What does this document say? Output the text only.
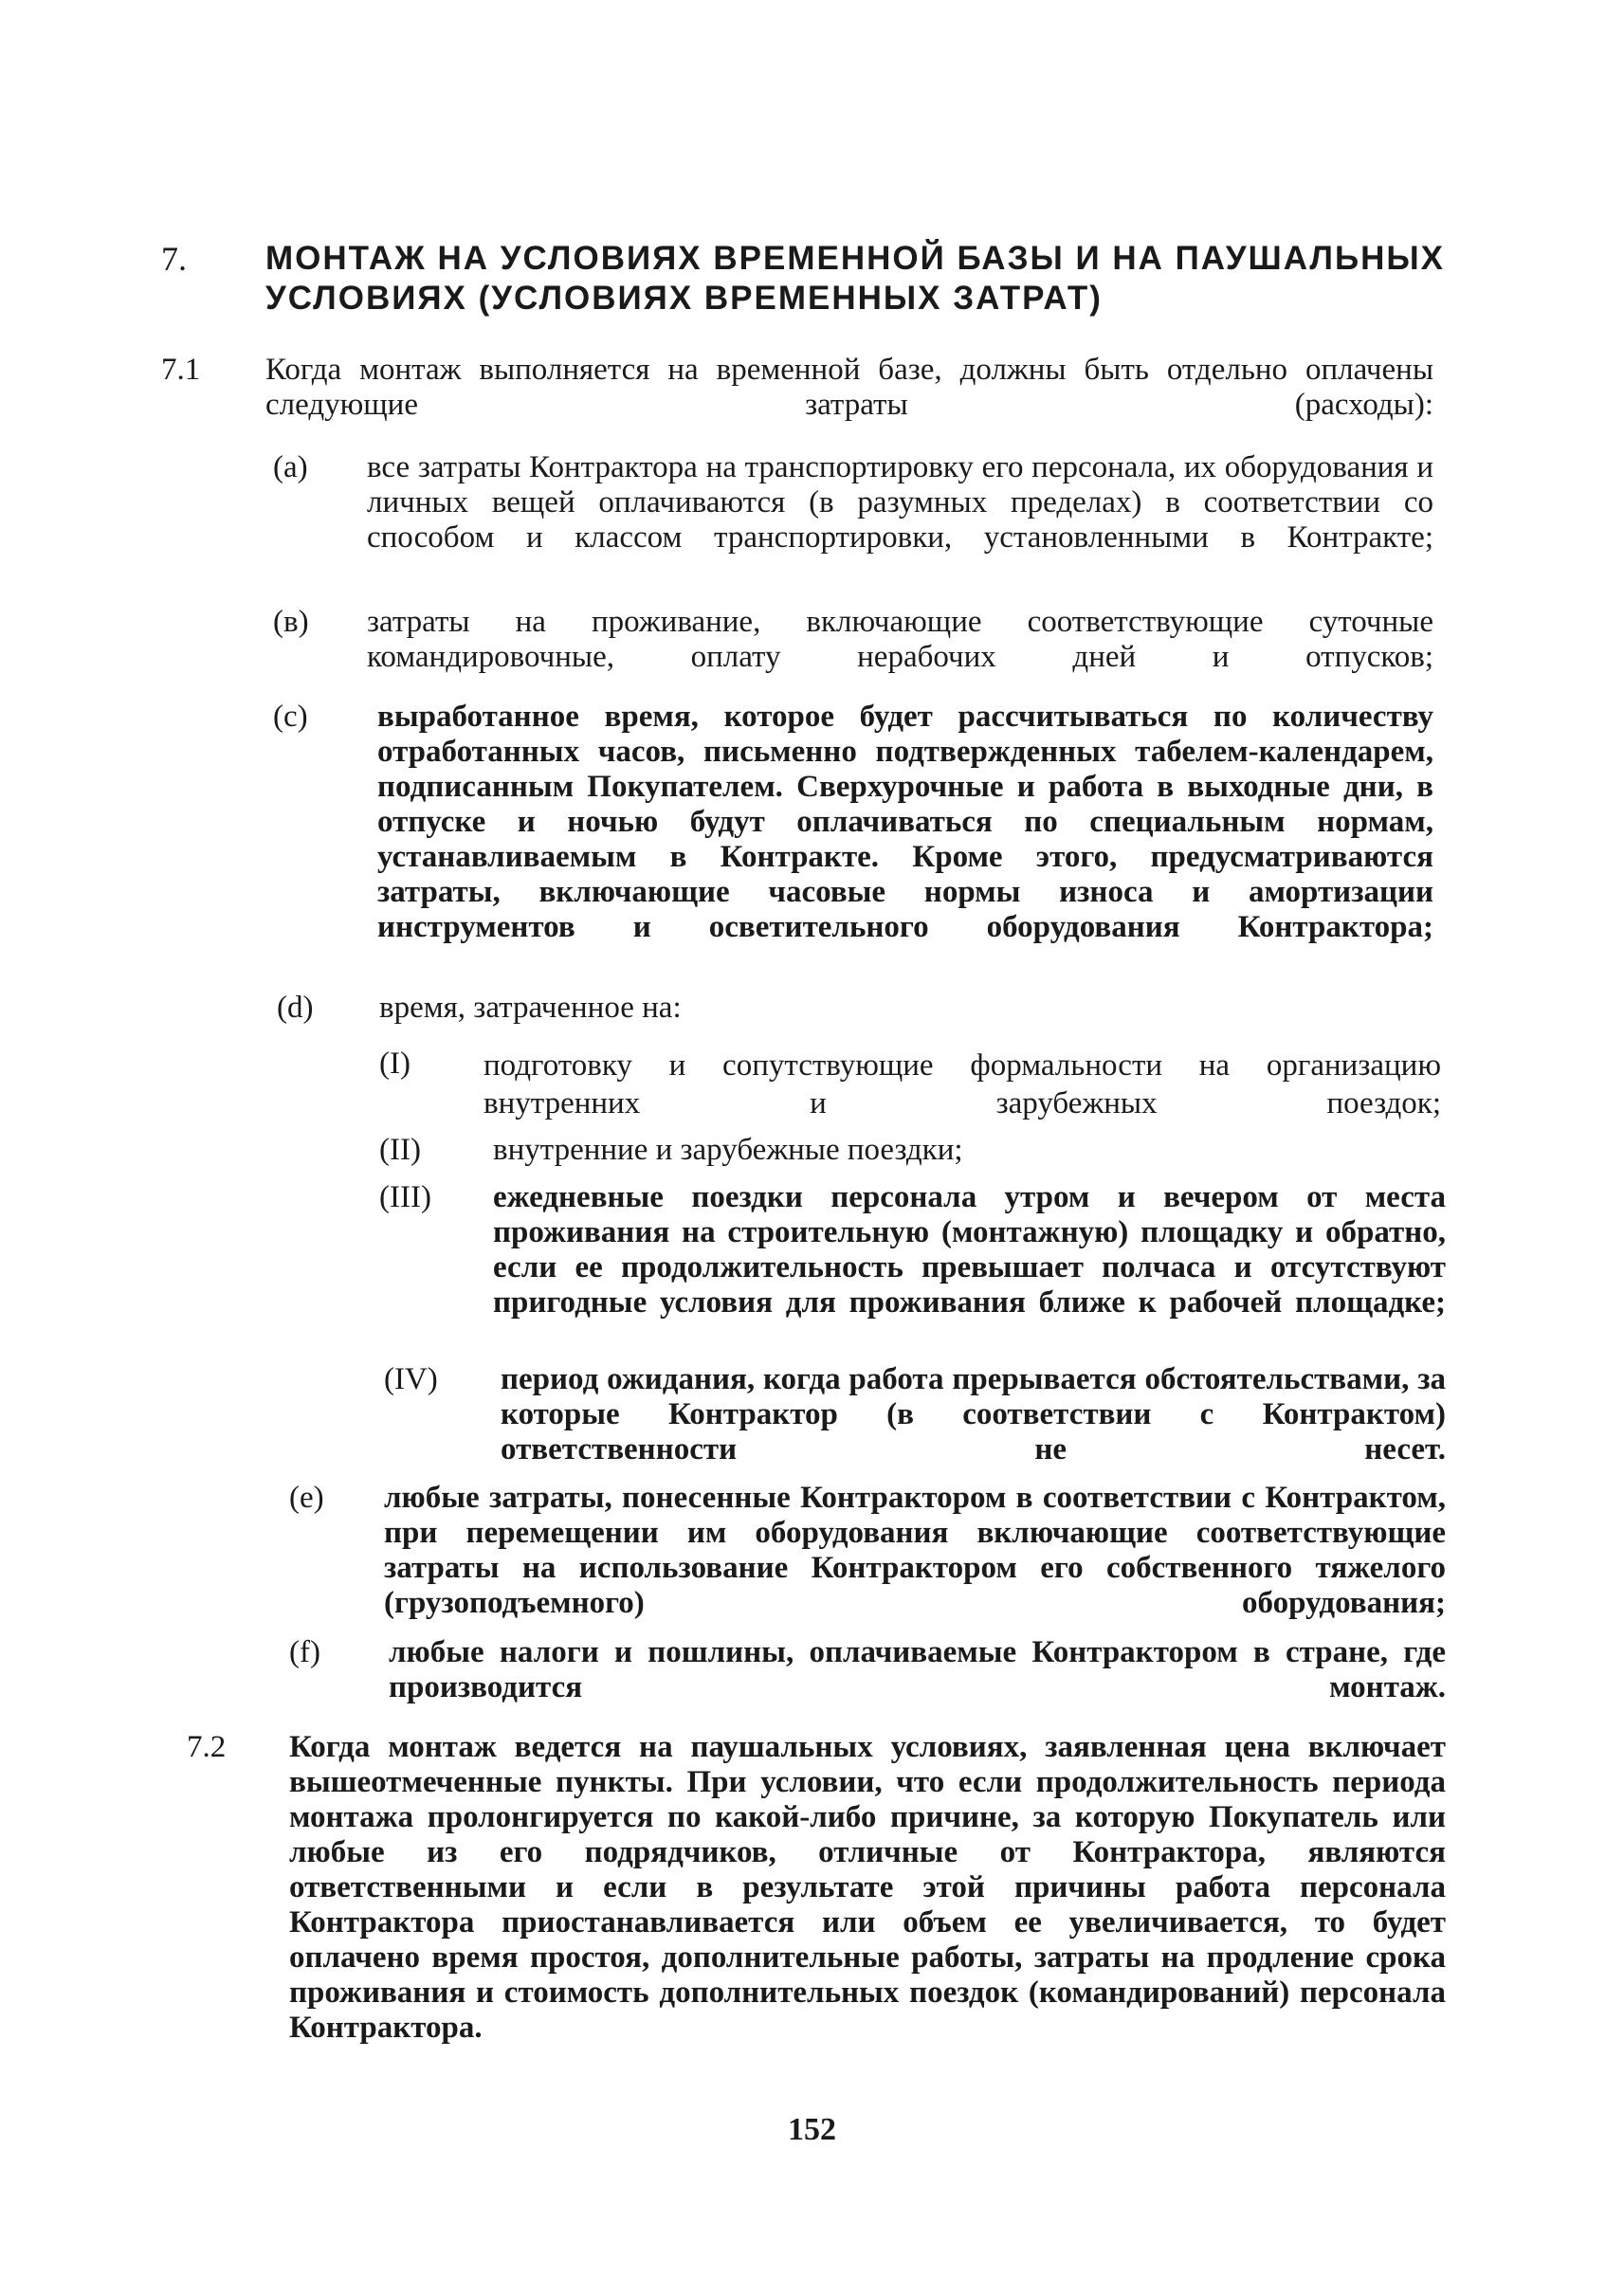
7. МОНТАЖ НА УСЛОВИЯХ ВРЕМЕННОЙ БАЗЫ И НА ПАУШАЛЬНЫХ УСЛОВИЯХ (УСЛОВИЯХ ВРЕМЕННЫХ ЗАТРАТ)
7.1 Когда монтаж выполняется на временной базе, должны быть отдельно оплачены следующие затраты (расходы):
(a) все затраты Контрактора на транспортировку его персонала, их оборудования и личных вещей оплачиваются (в разумных пределах) в соответствии со способом и классом транспортировки, установленными в Контракте;
(в) затраты на проживание, включающие соответствующие суточные командировочные, оплату нерабочих дней и отпусков;
(c) выработанное время, которое будет рассчитываться по количеству отработанных часов, письменно подтвержденных табелем-календарем, подписанным Покупателем. Сверхурочные и работа в выходные дни, в отпуске и ночью будут оплачиваться по специальным нормам, устанавливаемым в Контракте. Кроме этого, предусматриваются затраты, включающие часовые нормы износа и амортизации инструментов и осветительного оборудования Контрактора;
(d) время, затраченное на:
(I) подготовку и сопутствующие формальности на организацию внутренних и зарубежных поездок;
(II) внутренние и зарубежные поездки;
(III) ежедневные поездки персонала утром и вечером от места проживания на строительную (монтажную) площадку и обратно, если ее продолжительность превышает полчаса и отсутствуют пригодные условия для проживания ближе к рабочей площадке;
(IV) период ожидания, когда работа прерывается обстоятельствами, за которые Контрактор (в соответствии с Контрактом) ответственности не несет.
(e) любые затраты, понесенные Контрактором в соответствии с Контрактом, при перемещении им оборудования включающие соответствующие затраты на использование Контрактором его собственного тяжелого (грузоподъемного) оборудования;
(f) любые налоги и пошлины, оплачиваемые Контрактором в стране, где производится монтаж.
7.2 Когда монтаж ведется на паушальных условиях, заявленная цена включает вышеотмеченные пункты. При условии, что если продолжительность периода монтажа пролонгируется по какой-либо причине, за которую Покупатель или любые из его подрядчиков, отличные от Контрактора, являются ответственными и если в результате этой причины работа персонала Контрактора приостанавливается или объем ее увеличивается, то будет оплачено время простоя, дополнительные работы, затраты на продление срока проживания и стоимость дополнительных поездок (командирований) персонала Контрактора.
152
